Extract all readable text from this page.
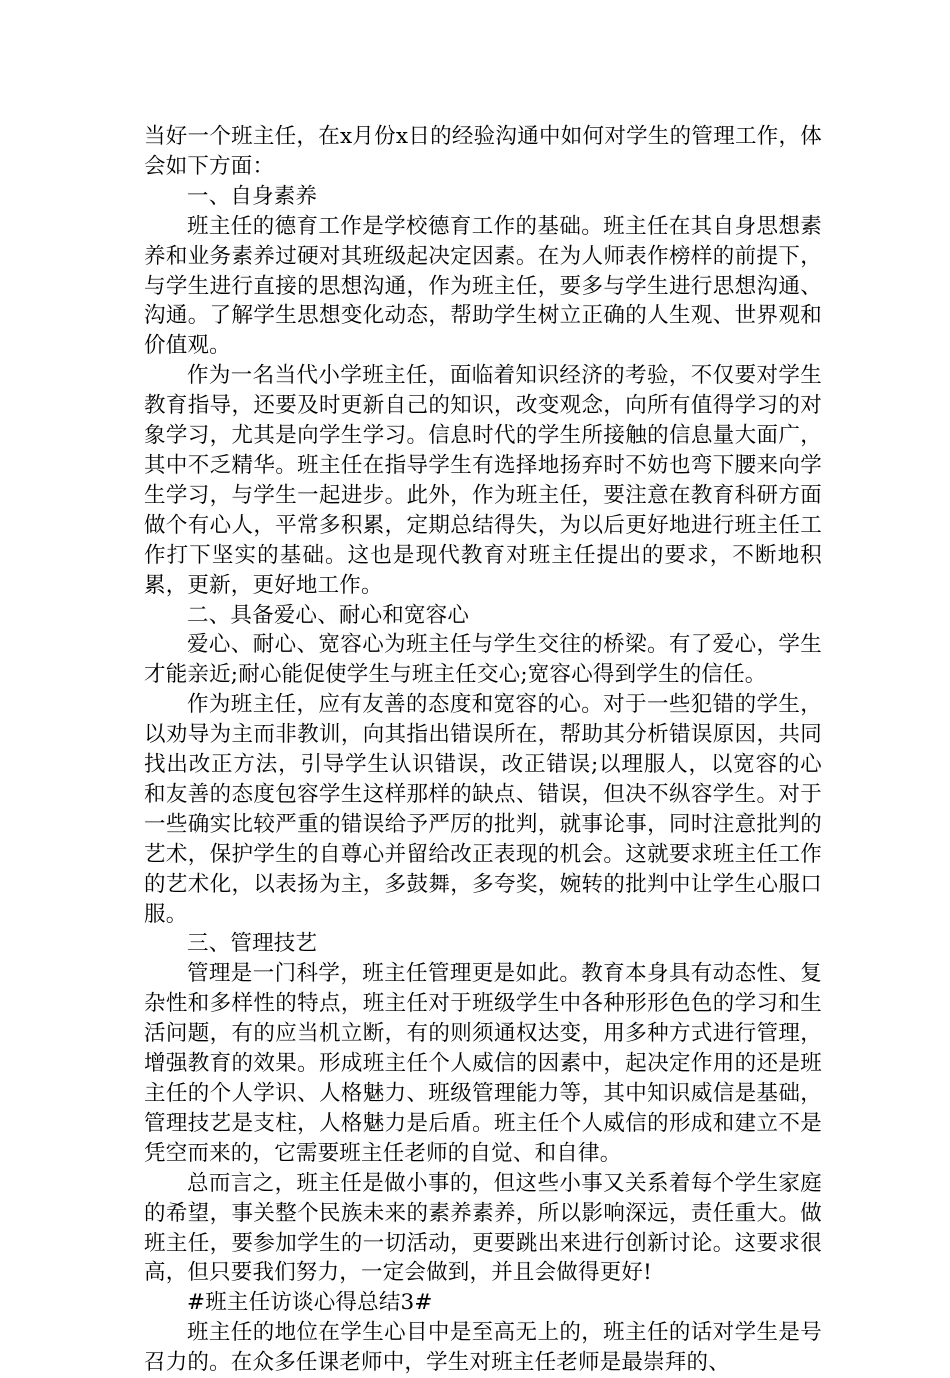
当好一个班主任，在x月份x日的经验沟通中如何对学生的管理工作，体会如下方面：

一、自身素养

班主任的德育工作是学校德育工作的基础。班主任在其自身思想素养和业务素养过硬对其班级起决定因素。在为人师表作榜样的前提下，与学生进行直接的思想沟通，作为班主任，要多与学生进行思想沟通、沟通。了解学生思想变化动态，帮助学生树立正确的人生观、世界观和价值观。

作为一名当代小学班主任，面临着知识经济的考验，不仅要对学生教育指导，还要及时更新自己的知识，改变观念，向所有值得学习的对象学习，尤其是向学生学习。信息时代的学生所接触的信息量大面广，其中不乏精华。班主任在指导学生有选择地扬弃时不妨也弯下腰来向学生学习，与学生一起进步。此外，作为班主任，要注意在教育科研方面做个有心人，平常多积累，定期总结得失，为以后更好地进行班主任工作打下坚实的基础。这也是现代教育对班主任提出的要求，不断地积累，更新，更好地工作。

二、具备爱心、耐心和宽容心

爱心、耐心、宽容心为班主任与学生交往的桥梁。有了爱心，学生才能亲近;耐心能促使学生与班主任交心;宽容心得到学生的信任。

作为班主任，应有友善的态度和宽容的心。对于一些犯错的学生，以劝导为主而非教训，向其指出错误所在，帮助其分析错误原因，共同找出改正方法，引导学生认识错误，改正错误;以理服人，以宽容的心和友善的态度包容学生这样那样的缺点、错误，但决不纵容学生。对于一些确实比较严重的错误给予严厉的批判，就事论事，同时注意批判的艺术，保护学生的自尊心并留给改正表现的机会。这就要求班主任工作的艺术化，以表扬为主，多鼓舞，多夸奖，婉转的批判中让学生心服口服。

三、管理技艺

管理是一门科学，班主任管理更是如此。教育本身具有动态性、复杂性和多样性的特点，班主任对于班级学生中各种形形色色的学习和生活问题，有的应当机立断，有的则须通权达变，用多种方式进行管理，增强教育的效果。形成班主任个人威信的因素中，起决定作用的还是班主任的个人学识、人格魅力、班级管理能力等，其中知识威信是基础，管理技艺是支柱，人格魅力是后盾。班主任个人威信的形成和建立不是凭空而来的，它需要班主任老师的自觉、和自律。

总而言之，班主任是做小事的，但这些小事又关系着每个学生家庭的希望，事关整个民族未来的素养素养，所以影响深远，责任重大。做班主任，要参加学生的一切活动，更要跳出来进行创新讨论。这要求很高，但只要我们努力，一定会做到，并且会做得更好!

#班主任访谈心得总结3#

班主任的地位在学生心目中是至高无上的，班主任的话对学生是号召力的。在众多任课老师中，学生对班主任老师是最崇拜的、
